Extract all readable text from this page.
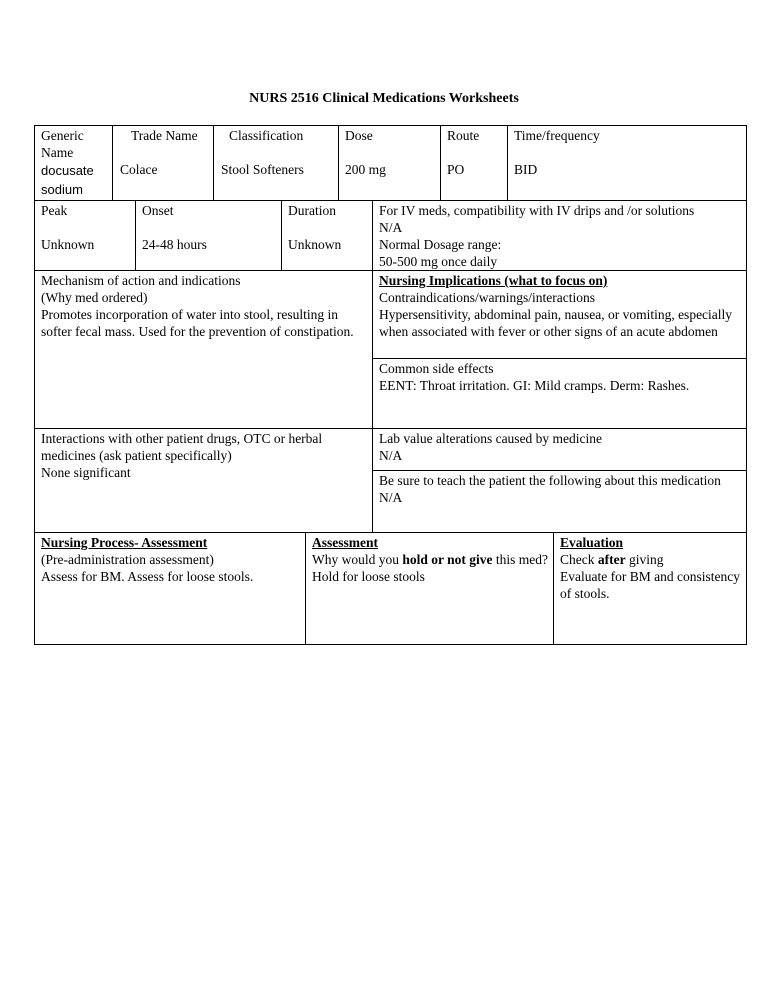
NURS 2516 Clinical Medications Worksheets

Generic Name

docusate sodium

Trade Name

Colace

Classification

Stool Softeners

Dose

200 mg

Route

PO

Time/frequency

BID

Peak

Unknown

Onset

24-48 hours

Duration

Unknown

For IV meds, compatibility with IV drips and /or solutions

N/A

Normal Dosage range:

50-500 mg once daily

Mechanism of action and indications

(Why med ordered)

Promotes incorporation of water into stool, resulting in softer fecal mass. Used for the prevention of constipation.

Nursing Implications (what to focus on)

Contraindications/warnings/interactions

Hypersensitivity, abdominal pain, nausea, or vomiting, especially when associated with fever or other signs of an acute abdomen

Common side effects

EENT: Throat irritation. GI: Mild cramps. Derm: Rashes.

Interactions with other patient drugs, OTC or herbal medicines (ask patient specifically)

None significant

Lab value alterations caused by medicine

N/A

Be sure to teach the patient the following about this medication

N/A

Nursing Process- Assessment

(Pre-administration assessment)

Assess for BM. Assess for loose stools.

Assessment

Why would you hold or not give this med?

Hold for loose stools

Evaluation

Check after giving

Evaluate for BM and consistency of stools.
